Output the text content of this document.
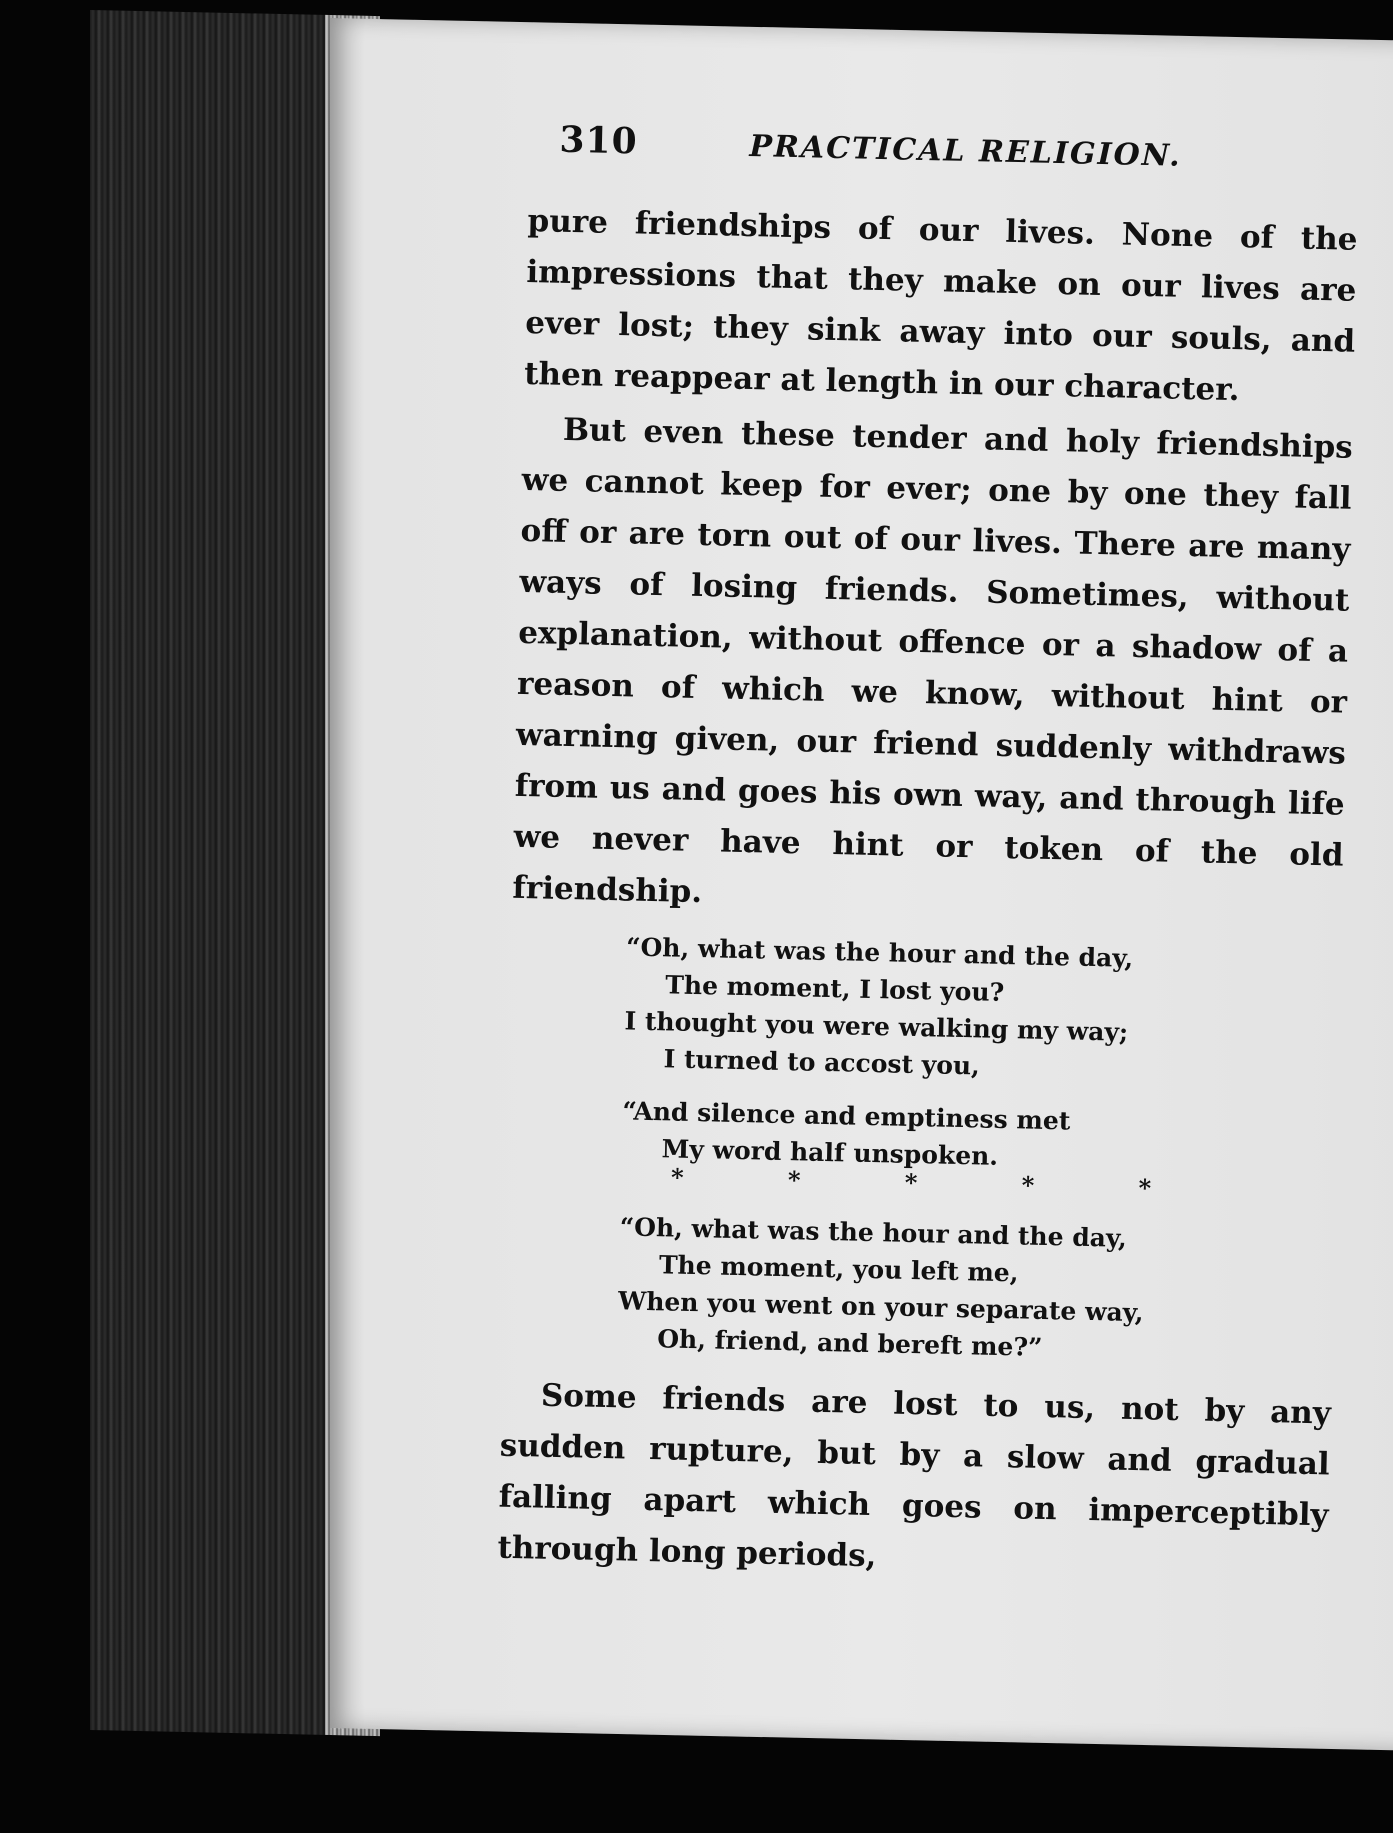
310	PRACTICAL RELIGION.

pure friendships of our lives. None of the impressions that they make on our lives are ever lost; they sink away into our souls, and then reappear at length in our character.

But even these tender and holy friendships we cannot keep for ever; one by one they fall off or are torn out of our lives. There are many ways of losing friends. Sometimes, without explanation, without offence or a shadow of a reason of which we know, without hint or warning given, our friend suddenly withdraws from us and goes his own way, and through life we never have hint or token of the old friendship.

“Oh, what was the hour and the day,
The moment, I lost you?
I thought you were walking my way;
I turned to accost you,
“And silence and emptiness met
My word half unspoken.
* * * * *
“Oh, what was the hour and the day,
The moment, you left me,
When you went on your separate way,
Oh, friend, and bereft me?”

Some friends are lost to us, not by any sudden rupture, but by a slow and gradual falling apart which goes on imperceptibly through long periods,
